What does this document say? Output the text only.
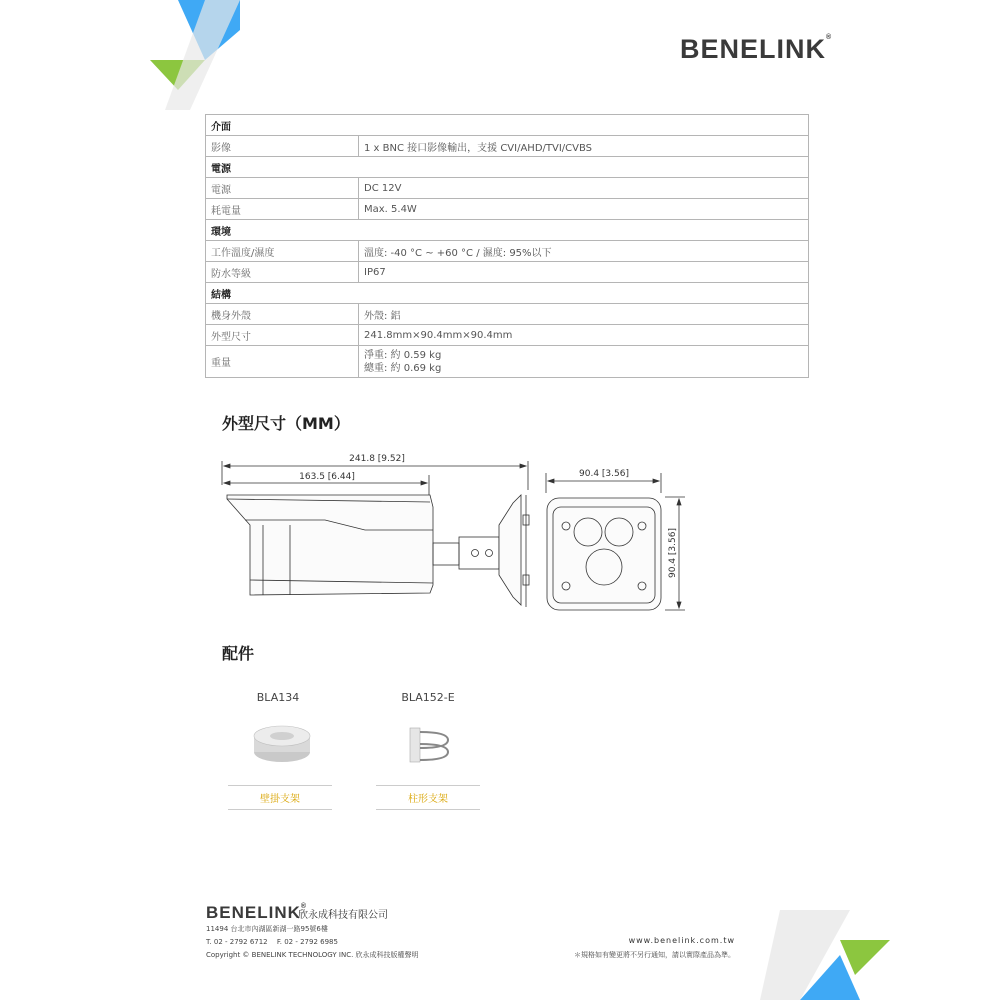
BENELINK®
介面	
影像	1 x BNC 接口影像輸出，支援 CVI/AHD/TVI/CVBS
電源	
電源	DC 12V
耗電量	Max. 5.4W
環境	
工作溫度/濕度	溫度: -40 °C ~ +60 °C / 濕度: 95%以下
防水等級	IP67
結構	
機身外殼	外殼: 鋁
外型尺寸	241.8mm×90.4mm×90.4mm
重量	淨重: 約 0.59 kg
總重: 約 0.69 kg
外型尺寸（MM）
241.8 [9.52]
163.5 [6.44]	90.4 [3.56]
90.4 [3.56]
配件
BLA134	BLA152-E
壁掛支架	柱形支架
BENELINK®
欣永成科技有限公司
11494 台北市內湖區新湖一路95號6樓
T. 02 - 2792 6712　 F. 02 - 2792 6985
Copyright © BENELINK TECHNOLOGY INC. 欣永成科技版權聲明
www.benelink.com.tw
＊規格如有變更將不另行通知，請以實際產品為準。
